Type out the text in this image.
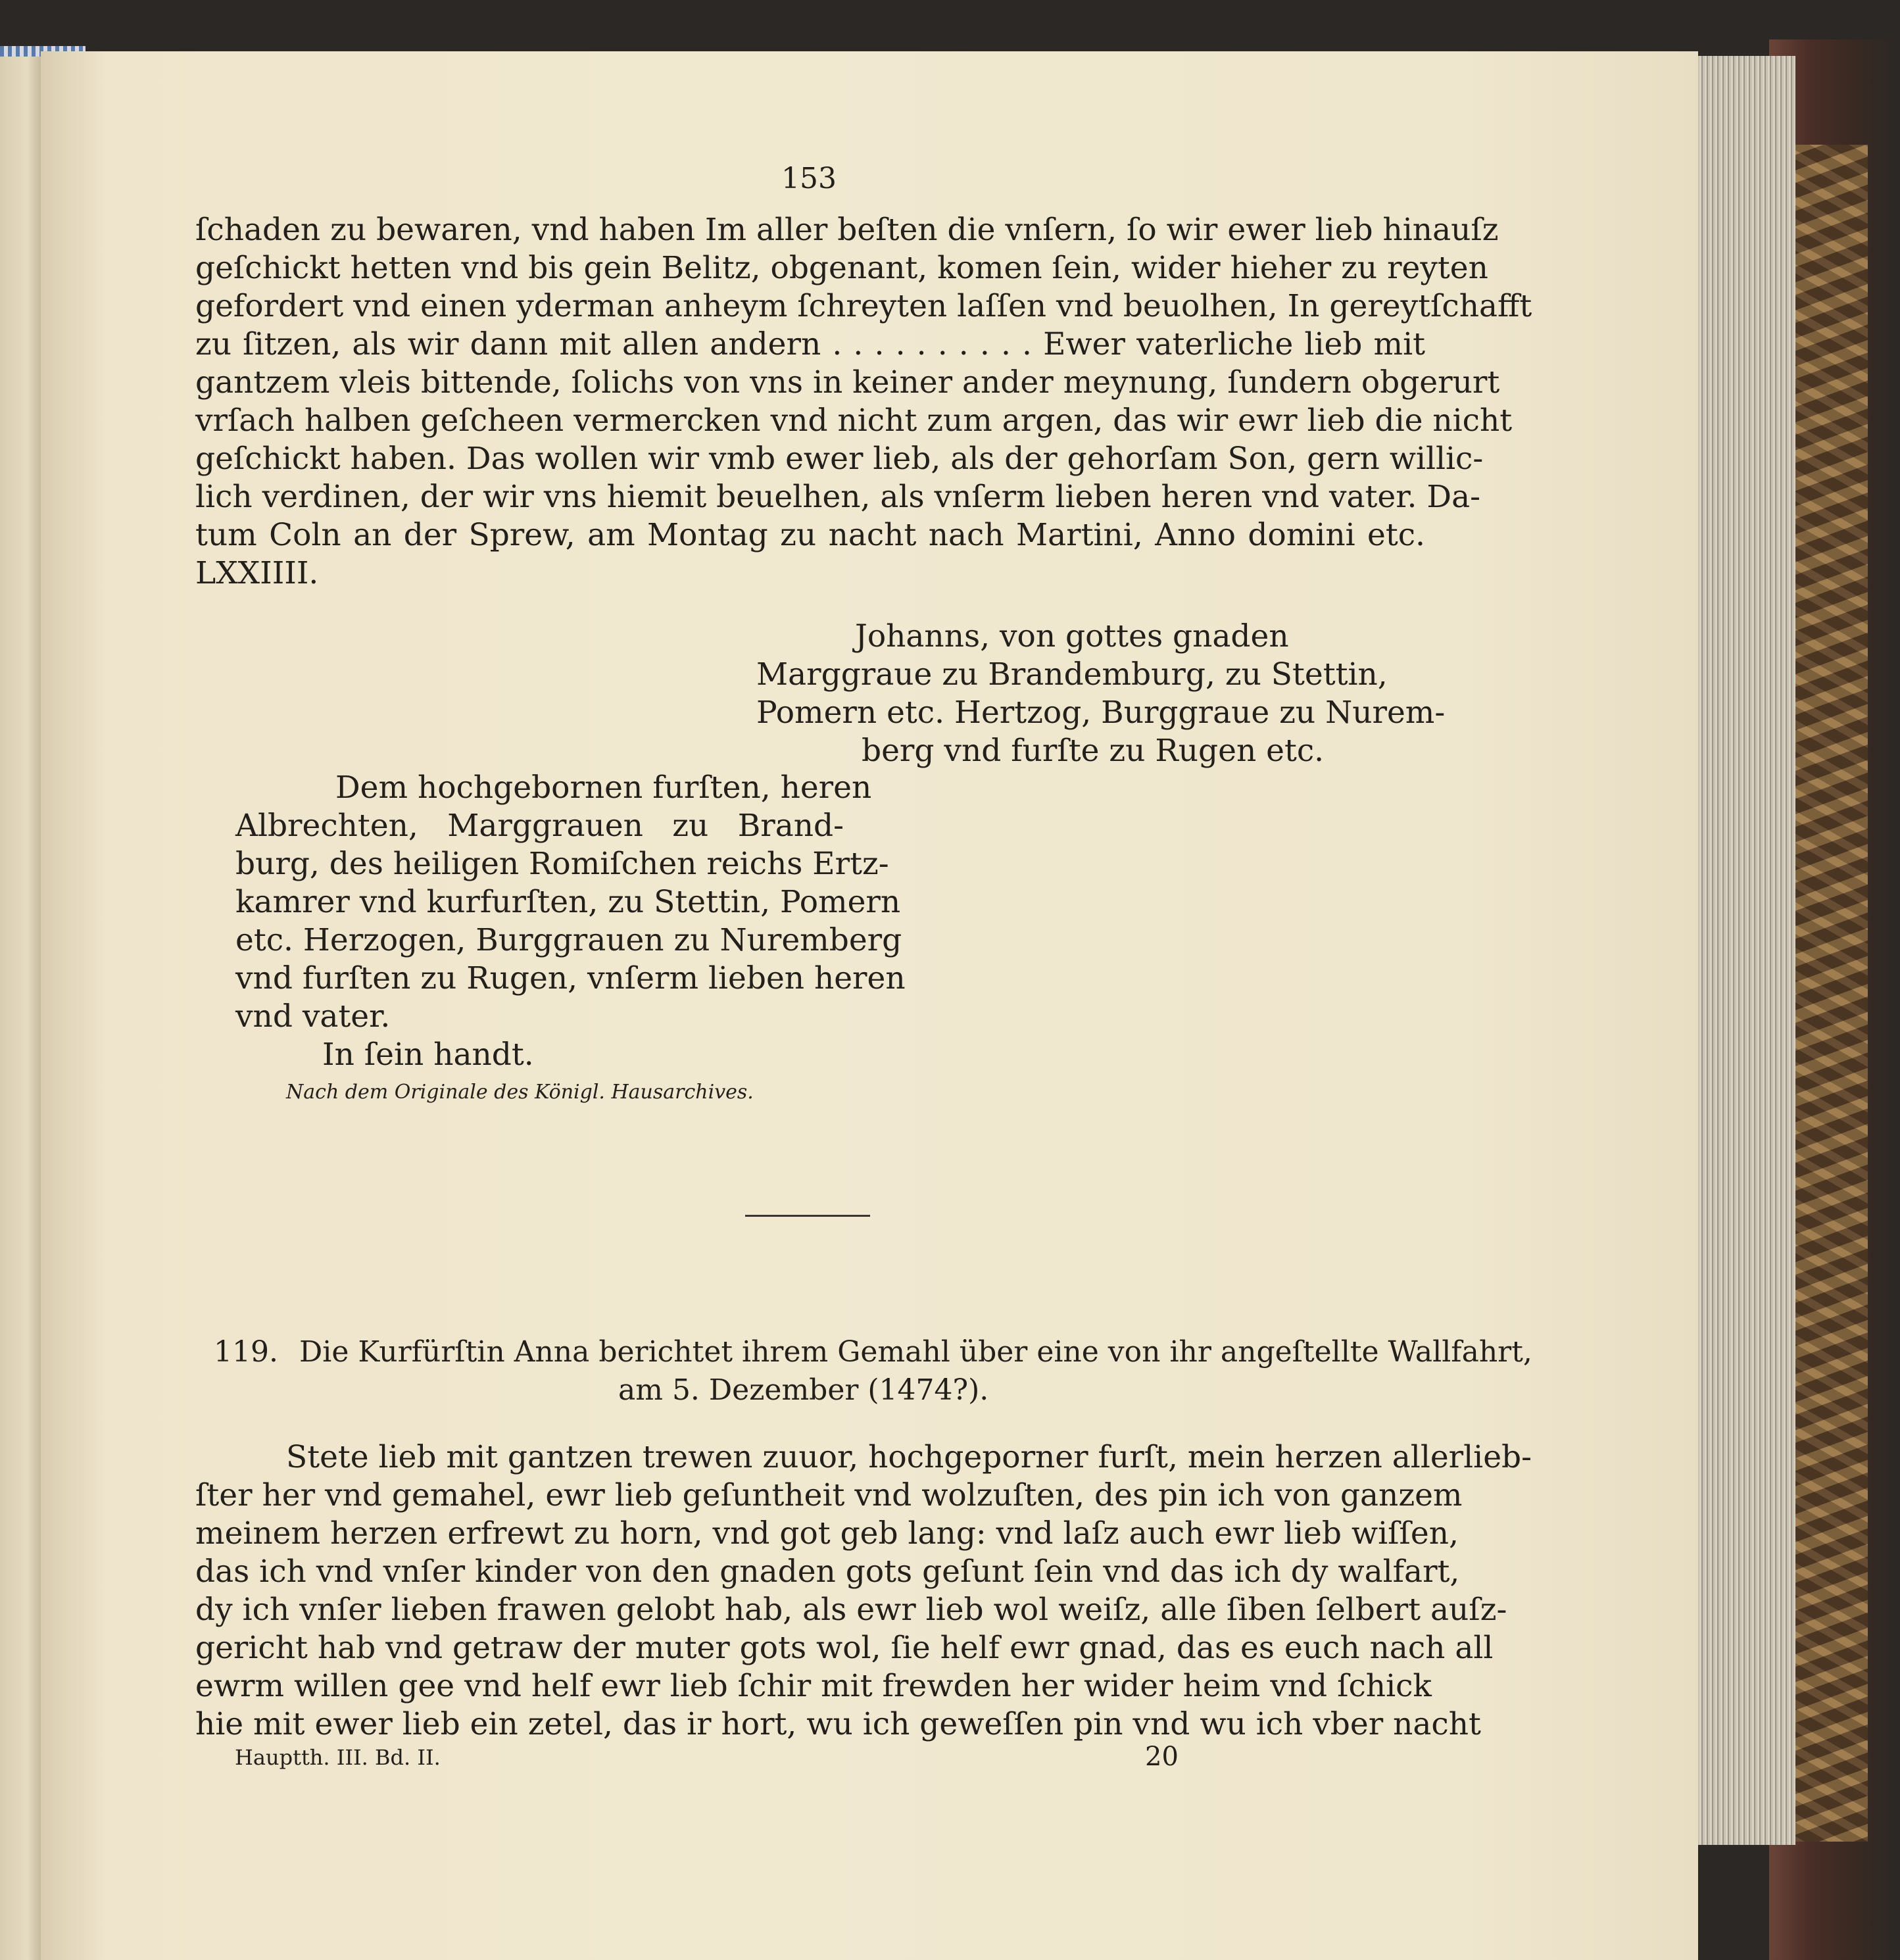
153
ſchaden zu bewaren, vnd haben Im aller beſten die vnſern, ſo wir ewer lieb hinauſz
geſchickt hetten vnd bis gein Belitz, obgenant, komen ſein, wider hieher zu reyten
gefordert vnd einen yderman anheym ſchreyten laſſen vnd beuolhen, In gereytſchafft
zu ſitzen, als wir dann mit allen andern . . . . . . . . . . Ewer vaterliche lieb mit
gantzem vleis bittende, ſolichs von vns in keiner ander meynung, ſundern obgerurt
vrſach halben geſcheen vermercken vnd nicht zum argen, das wir ewr lieb die nicht
geſchickt haben. Das wollen wir vmb ewer lieb, als der gehorſam Son, gern willic-
lich verdinen, der wir vns hiemit beuelhen, als vnſerm lieben heren vnd vater. Da-
tum Coln an der Sprew, am Montag zu nacht nach Martini, Anno domini etc.
LXXIIII.
Johanns, von gottes gnaden
Marggraue zu Brandemburg, zu Stettin,
Pomern etc. Hertzog, Burggraue zu Nurem-
berg vnd furſte zu Rugen etc.
Dem hochgebornen furſten, heren
Albrechten, Marggrauen zu Brand-
burg, des heiligen Romiſchen reichs Ertz-
kamrer vnd kurfurſten, zu Stettin, Pomern
etc. Herzogen, Burggrauen zu Nuremberg
vnd furſten zu Rugen, vnſerm lieben heren
vnd vater.
In ſein handt.
Nach dem Originale des Königl. Hausarchives.
119. Die Kurfürſtin Anna berichtet ihrem Gemahl über eine von ihr angeſtellte Wallfahrt,
am 5. Dezember (1474?).
Stete lieb mit gantzen trewen zuuor, hochgeporner furſt, mein herzen allerlieb-
ſter her vnd gemahel, ewr lieb geſuntheit vnd wolzuſten, des pin ich von ganzem
meinem herzen erfrewt zu horn, vnd got geb lang: vnd laſz auch ewr lieb wiſſen,
das ich vnd vnſer kinder von den gnaden gots geſunt ſein vnd das ich dy walfart,
dy ich vnſer lieben frawen gelobt hab, als ewr lieb wol weiſz, alle ſiben ſelbert auſz-
gericht hab vnd getraw der muter gots wol, ſie helf ewr gnad, das es euch nach all
ewrm willen gee vnd helf ewr lieb ſchir mit frewden her wider heim vnd ſchick
hie mit ewer lieb ein zetel, das ir hort, wu ich geweſſen pin vnd wu ich vber nacht
Hauptth. III. Bd. II.	20
